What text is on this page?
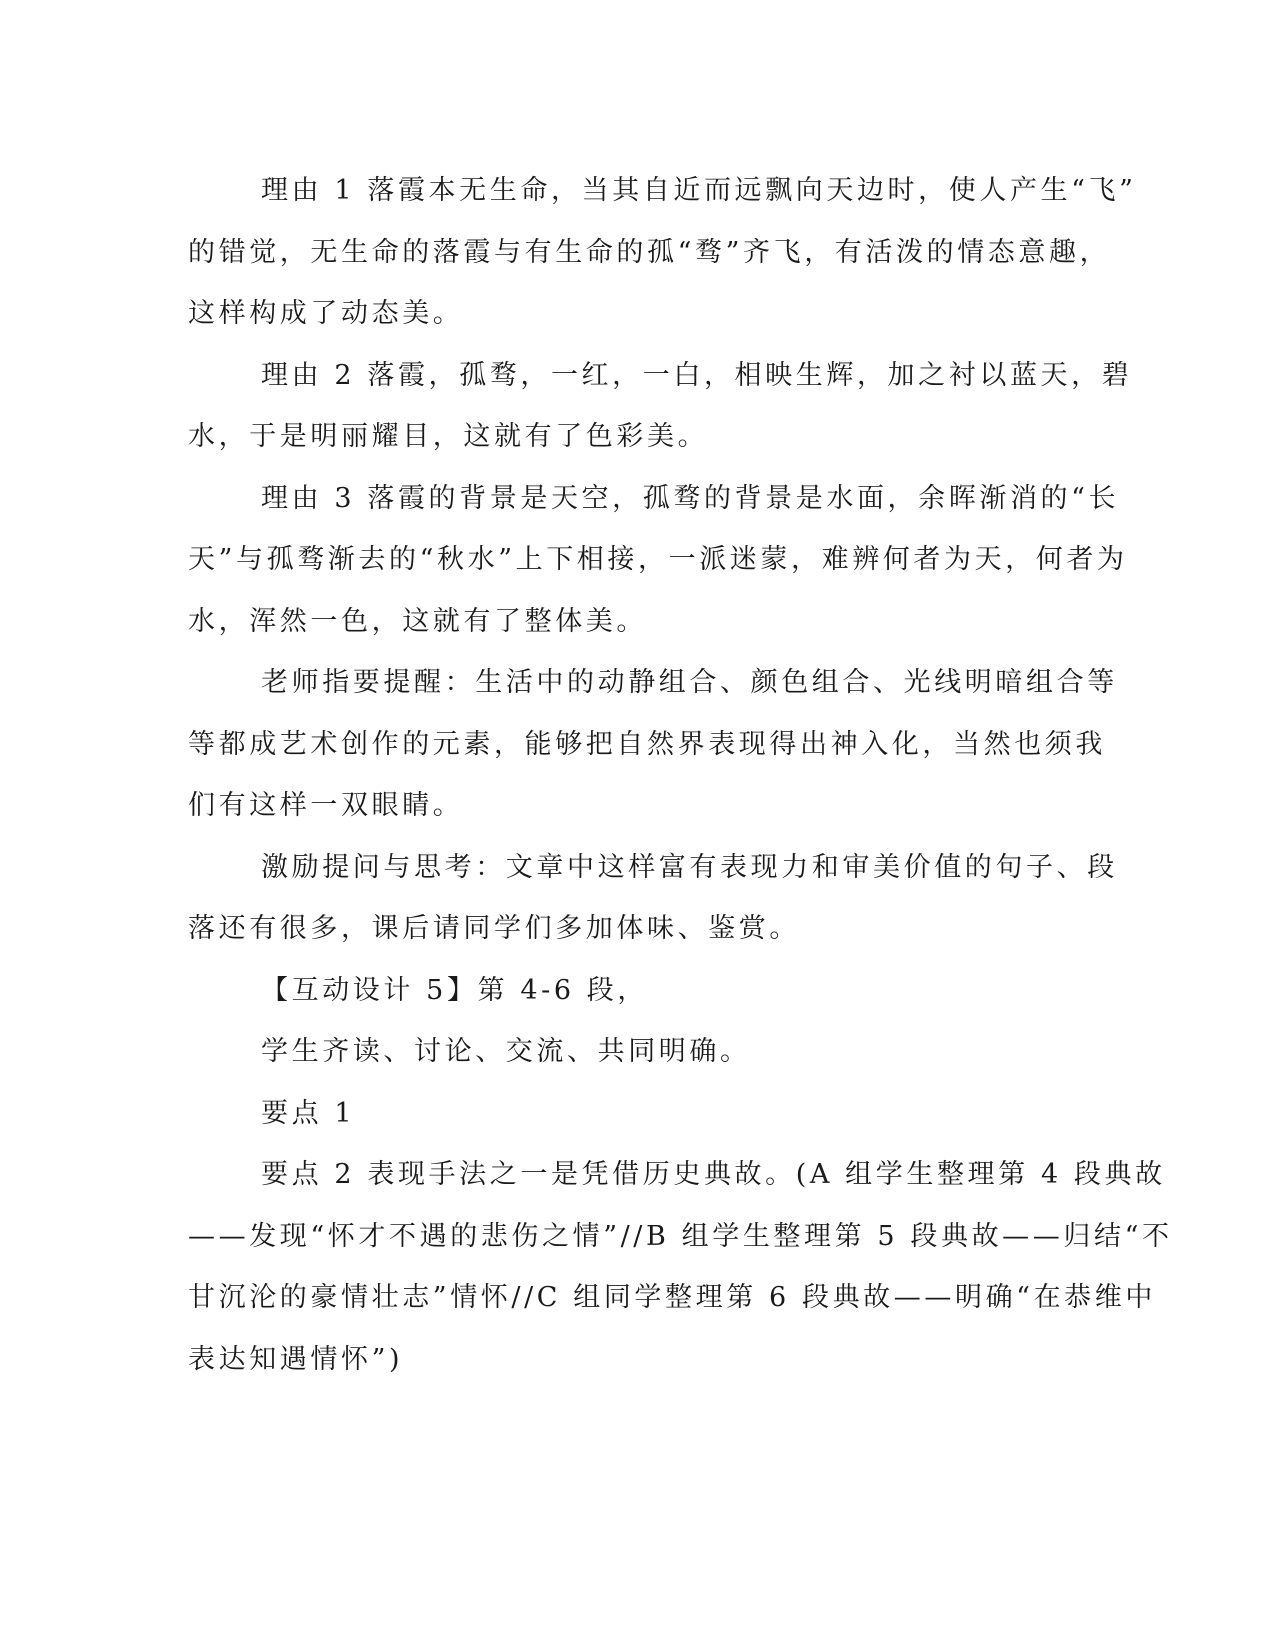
理由 1 落霞本无生命，当其自近而远飘向天边时，使人产生“飞”
的错觉，无生命的落霞与有生命的孤“骛”齐飞，有活泼的情态意趣，
这样构成了动态美。
理由 2 落霞，孤骛，一红，一白，相映生辉，加之衬以蓝天，碧
水，于是明丽耀目，这就有了色彩美。
理由 3 落霞的背景是天空，孤骛的背景是水面，余晖渐消的“长
天”与孤骛渐去的“秋水”上下相接，一派迷蒙，难辨何者为天，何者为
水，浑然一色，这就有了整体美。
老师指要提醒：生活中的动静组合、颜色组合、光线明暗组合等
等都成艺术创作的元素，能够把自然界表现得出神入化，当然也须我
们有这样一双眼睛。
激励提问与思考：文章中这样富有表现力和审美价值的句子、段
落还有很多，课后请同学们多加体味、鉴赏。
【互动设计 5】第 4-6 段，
学生齐读、讨论、交流、共同明确。
要点 1
要点 2 表现手法之一是凭借历史典故。(A 组学生整理第 4 段典故
——发现“怀才不遇的悲伤之情”//B 组学生整理第 5 段典故——归结“不
甘沉沦的豪情壮志”情怀//C 组同学整理第 6 段典故——明确“在恭维中
表达知遇情怀”)
